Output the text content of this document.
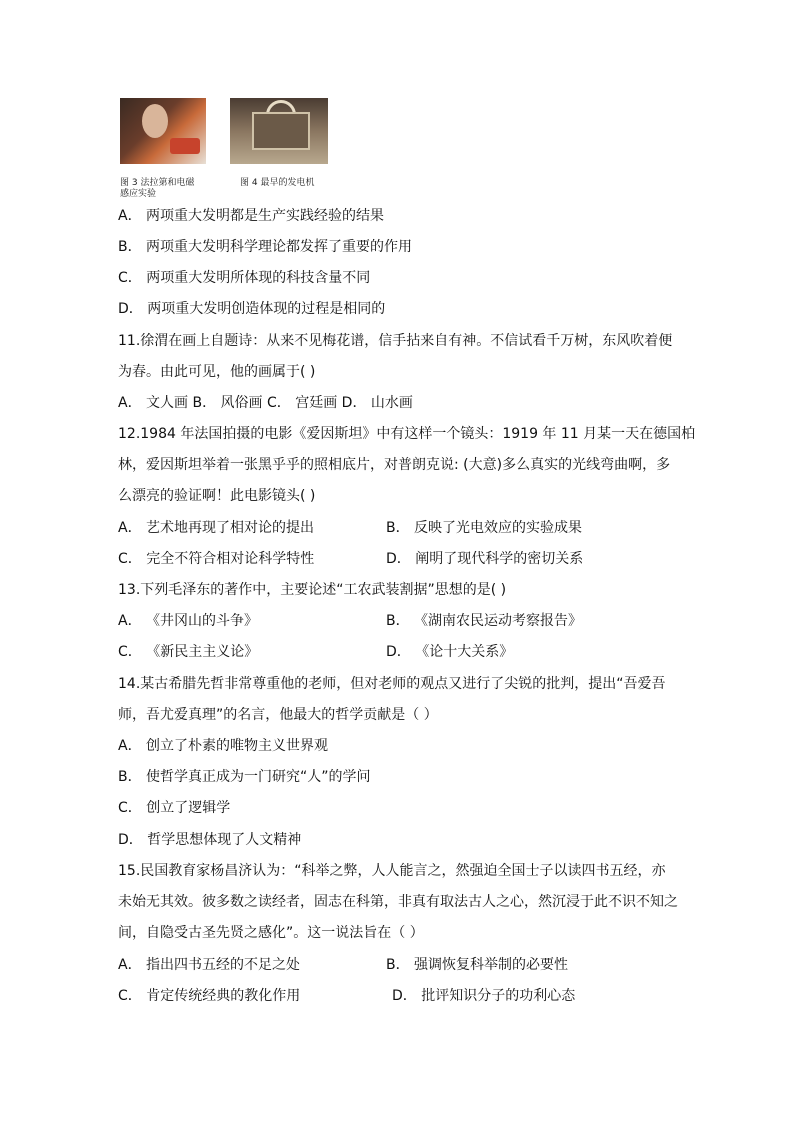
图 3 法拉第和电磁
感应实验
图 4 最早的发电机
A． 两项重大发明都是生产实践经验的结果
B． 两项重大发明科学理论都发挥了重要的作用
C． 两项重大发明所体现的科技含量不同
D． 两项重大发明创造体现的过程是相同的
11.徐渭在画上自题诗：从来不见梅花谱，信手拈来自有神。不信试看千万树，东风吹着便
为春。由此可见，他的画属于( )
A． 文人画 B． 风俗画 C． 宫廷画 D． 山水画
12.1984 年法国拍摄的电影《爱因斯坦》中有这样一个镜头：1919 年 11 月某一天在德国柏
林，爱因斯坦举着一张黑乎乎的照相底片，对普朗克说: (大意)多么真实的光线弯曲啊，多
么漂亮的验证啊！此电影镜头( )
A． 艺术地再现了相对论的提出	B． 反映了光电效应的实验成果
C． 完全不符合相对论科学特性	D． 阐明了现代科学的密切关系
13.下列毛泽东的著作中，主要论述“工农武装割据”思想的是( )
A． 《井冈山的斗争》	B． 《湖南农民运动考察报告》
C． 《新民主主义论》	D． 《论十大关系》
14.某古希腊先哲非常尊重他的老师，但对老师的观点又进行了尖锐的批判，提出“吾爱吾
师，吾尤爱真理”的名言，他最大的哲学贡献是（ ）
A． 创立了朴素的唯物主义世界观
B． 使哲学真正成为一门研究“人”的学问
C． 创立了逻辑学
D． 哲学思想体现了人文精神
15.民国教育家杨昌济认为：“科举之弊，人人能言之，然强迫全国士子以读四书五经，亦
未始无其效。彼多数之读经者，固志在科第，非真有取法古人之心，然沉浸于此不识不知之
间，自隐受古圣先贤之感化”。这一说法旨在（ ）
A． 指出四书五经的不足之处	B． 强调恢复科举制的必要性
C． 肯定传统经典的教化作用	D． 批评知识分子的功利心态
